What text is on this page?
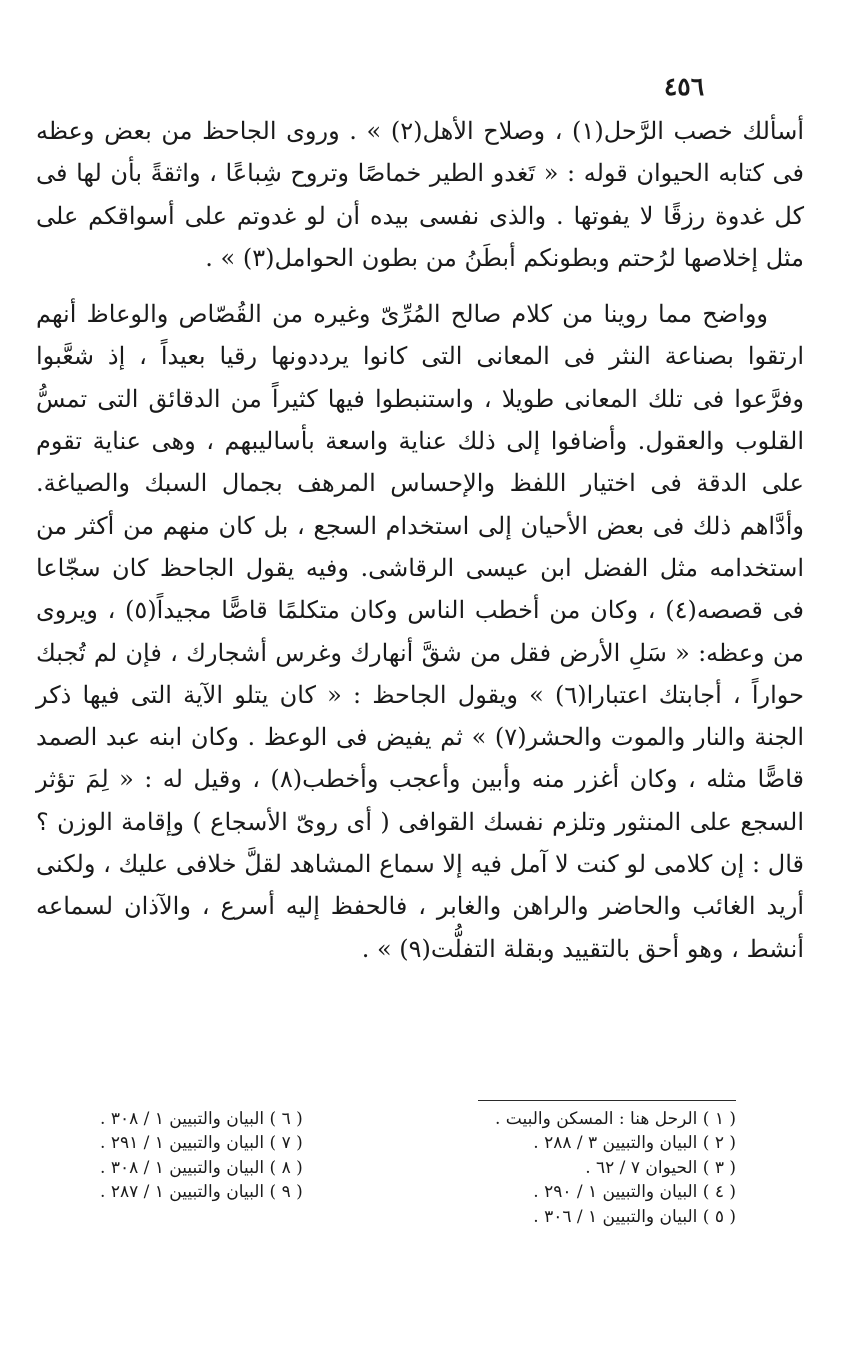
٤٥٦

أسألك خصب الرَّحل(١) ، وصلاح الأهل(٢) » . وروى الجاحظ من بعض وعظه فى كتابه الحيوان قوله : « تَغدو الطير خماصًا وتروح شِباعًا ، واثقةً بأن لها فى كل غدوة رزقًا لا يفوتها . والذى نفسى بيده أن لو غدوتم على أسواقكم على مثل إخلاصها لرُحتم وبطونكم أبطَنُ من بطون الحوامل(٣) » .

وواضح مما روينا من كلام صالح المُرِّىّ وغيره من القُصّاص والوعاظ أنهم ارتقوا بصناعة النثر فى المعانى التى كانوا يرددونها رقيا بعيداً ، إذ شعَّبوا وفرَّعوا فى تلك المعانى طويلا ، واستنبطوا فيها كثيراً من الدقائق التى تمسُّ القلوب والعقول. وأضافوا إلى ذلك عناية واسعة بأساليبهم ، وهى عناية تقوم على الدقة فى اختيار اللفظ والإحساس المرهف بجمال السبك والصياغة. وأدَّاهم ذلك فى بعض الأحيان إلى استخدام السجع ، بل كان منهم من أكثر من استخدامه مثل الفضل ابن عيسى الرقاشى. وفيه يقول الجاحظ كان سجّاعا فى قصصه(٤) ، وكان من أخطب الناس وكان متكلمًا قاصًّا مجيداً(٥) ، ويروى من وعظه: « سَلِ الأرض فقل من شقَّ أنهارك وغرس أشجارك ، فإن لم تُجبك حواراً ، أجابتك اعتبارا(٦) » ويقول الجاحظ : « كان يتلو الآية التى فيها ذكر الجنة والنار والموت والحشر(٧) » ثم يفيض فى الوعظ . وكان ابنه عبد الصمد قاصًّا مثله ، وكان أغزر منه وأبين وأعجب وأخطب(٨) ، وقيل له : « لِمَ تؤثر السجع على المنثور وتلزم نفسك القوافى ( أى روىّ الأسجاع ) وإقامة الوزن ؟ قال : إن كلامى لو كنت لا آمل فيه إلا سماع المشاهد لقلَّ خلافى عليك ، ولكنى أريد الغائب والحاضر والراهن والغابر ، فالحفظ إليه أسرع ، والآذان لسماعه أنشط ، وهو أحق بالتقييد وبقلة التفلُّت(٩) » .

( ١ ) الرحل هنا : المسكن والبيت .
( ٢ ) البيان والتبيين ٣ / ٢٨٨ .
( ٣ ) الحيوان ٧ / ٦٢ .
( ٤ ) البيان والتبيين ١ / ٢٩٠ .
( ٥ ) البيان والتبيين ١ / ٣٠٦ .
( ٦ ) البيان والتبيين ١ / ٣٠٨ .
( ٧ ) البيان والتبيين ١ / ٢٩١ .
( ٨ ) البيان والتبيين ١ / ٣٠٨ .
( ٩ ) البيان والتبيين ١ / ٢٨٧ .
